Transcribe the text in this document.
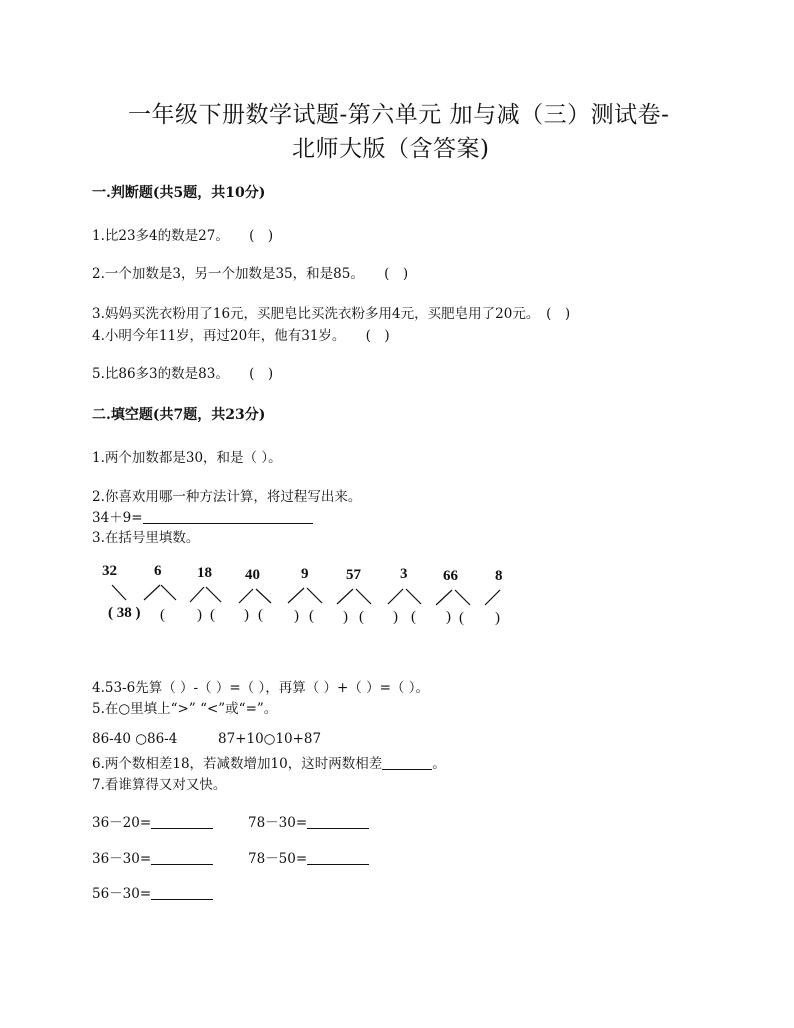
一年级下册数学试题-第六单元 加与减（三）测试卷-
北师大版（含答案)
一.判断题(共5题，共10分)
1.比23多4的数是27。　　(　)
2.一个加数是3，另一个加数是35，和是85。　　(　)
3.妈妈买洗衣粉用了16元，买肥皂比买洗衣粉多用4元，买肥皂用了20元。　(　)
4.小明今年11岁，再过20年，他有31岁。　　(　)
5.比86多3的数是83。　　(　)
二.填空题(共7题，共23分)
1.两个加数都是30，和是（ ）。
2.你喜欢用哪一种方法计算，将过程写出来。
34＋9=
3.在括号里填数。
32 6 18 40	9	57	3 66 8
( 38 ) ( ) ( ) ( ) ( ) ( ) ( ) ( )
4.53-6先算（ ）-（ ）=（ ），再算（ ）+（ ）=（ ）。
5.在○里填上“>” “<”或“=”。
86-40 ○86-4	87+10○10+87
6.两个数相差18，若减数增加10，这时两数相差	。
7.看谁算得又对又快。
36－20=	78－30=
36－30=	78－50=
56－30=
